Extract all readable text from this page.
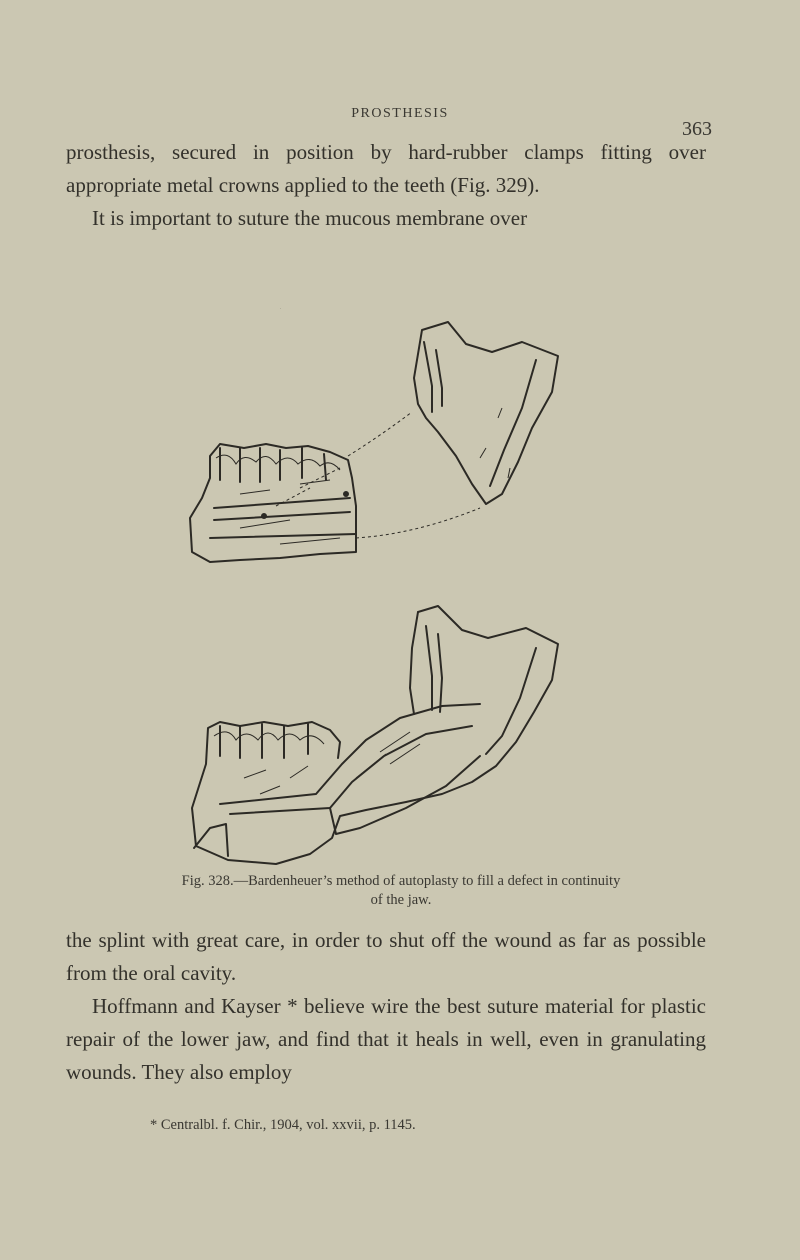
PROSTHESIS
363

prosthesis, secured in position by hard-rubber clamps fitting over appropriate metal crowns applied to the teeth (Fig. 329).

It is important to suture the mucous membrane over

Fig. 328.—Bardenheuer’s method of autoplasty to fill a defect in continuity
of the jaw.

the splint with great care, in order to shut off the wound as far as possible from the oral cavity.

Hoffmann and Kayser * believe wire the best suture material for plastic repair of the lower jaw, and find that it heals in well, even in granulating wounds. They also employ

* Centralbl. f. Chir., 1904, vol. xxvii, p. 1145.
